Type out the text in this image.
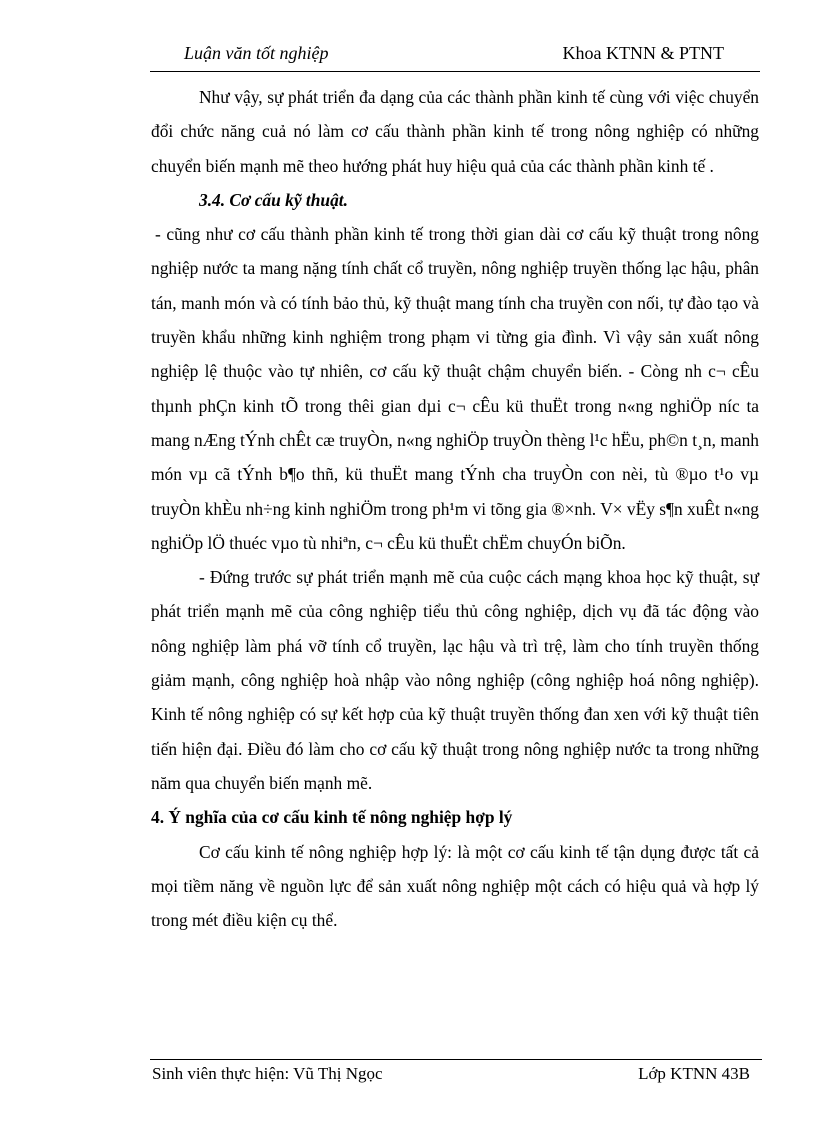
Luận văn tốt nghiệp	Khoa KTNN & PTNT

Như vậy, sự phát triển đa dạng của các thành phần kinh tế cùng với việc chuyển đổi chức năng cuả nó làm cơ cấu thành phần kinh tế trong nông nghiệp có những chuyển biến mạnh mẽ theo hướng phát huy hiệu quả của các thành phần kinh tế .

3.4. Cơ cấu kỹ thuật.

- cũng như cơ cấu thành phần kinh tế trong thời gian dài cơ cấu kỹ thuật trong nông nghiệp nước ta mang nặng tính chất cổ truyền, nông nghiệp truyền thống lạc hậu, phân tán, manh món và có tính bảo thủ, kỹ thuật mang tính cha truyền con nối, tự đào tạo và truyền khẩu những kinh nghiệm trong phạm vi từng gia đình. Vì vậy sản xuất nông nghiệp lệ thuộc vào tự nhiên, cơ cấu kỹ thuật chậm chuyển biến. - Còng nh c¬ cÊu thµnh phÇn kinh tÕ trong thêi gian dµi c¬ cÊu kü thuËt trong n«ng nghiÖp níc ta mang nÆng tÝnh chÊt cæ truyÒn, n«ng nghiÖp truyÒn thèng l¹c hËu, ph©n t¸n, manh món vµ cã tÝnh b¶o thñ, kü thuËt mang tÝnh cha truyÒn con nèi, tù ®µo t¹o vµ truyÒn khÈu nh÷ng kinh nghiÖm trong ph¹m vi tõng gia ®×nh. V× vËy s¶n xuÊt n«ng nghiÖp lÖ thuéc vµo tù nhiªn, c¬ cÊu kü thuËt chËm chuyÓn biÕn.

- Đứng trước sự phát triển mạnh mẽ của cuộc cách mạng khoa học kỹ thuật, sự phát triển mạnh mẽ của công nghiệp tiểu thủ công nghiệp, dịch vụ đã tác động vào nông nghiệp làm phá vỡ tính cổ truyền, lạc hậu và trì trệ, làm cho tính truyền thống giảm mạnh, công nghiệp hoà nhập vào nông nghiệp (công nghiệp hoá nông nghiệp). Kinh tế nông nghiệp có sự kết hợp của kỹ thuật truyền thống đan xen với kỹ thuật tiên tiến hiện đại. Điều đó làm cho cơ cấu kỹ thuật trong nông nghiệp nước ta trong những năm qua chuyển biến mạnh mẽ.

4. Ý nghĩa của cơ cấu kinh tế nông nghiệp hợp lý

Cơ cấu kinh tế nông nghiệp hợp lý: là một cơ cấu kinh tế tận dụng được tất cả mọi tiềm năng về nguồn lực để sản xuất nông nghiệp một cách có hiệu quả và hợp lý trong mét điều kiện cụ thể.

Sinh viên thực hiện: Vũ Thị Ngọc	Lớp KTNN 43B
